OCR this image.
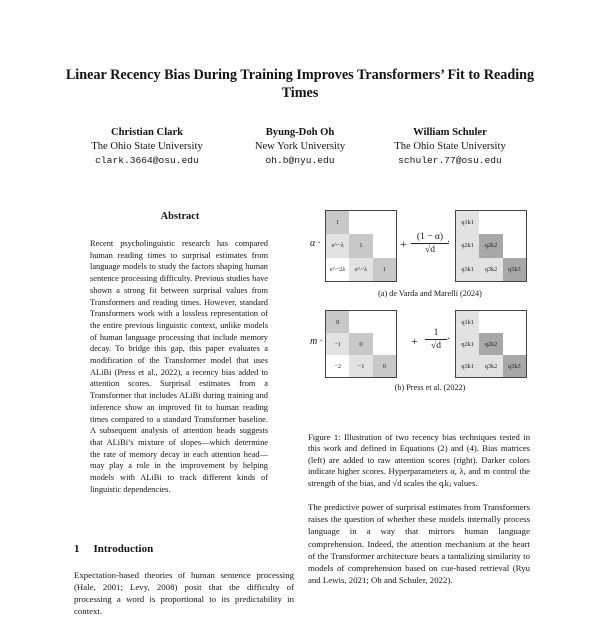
Linear Recency Bias During Training Improves Transformers’ Fit to Reading Times
Christian Clark
The Ohio State University
clark.3664@osu.edu
Byung-Doh Oh
New York University
oh.b@nyu.edu
William Schuler
The Ohio State University
schuler.77@osu.edu
Abstract
Recent psycholinguistic research has compared human reading times to surprisal estimates from language models to study the factors shaping human sentence processing difficulty. Previous studies have shown a strong fit between surprisal values from Transformers and reading times. However, standard Transformers work with a lossless representation of the entire previous linguistic context, unlike models of human language processing that include memory decay. To bridge this gap, this paper evaluates a modification of the Transformer model that uses ALiBi (Press et al., 2022), a recency bias added to attention scores. Surprisal estimates from a Transformer that includes ALiBi during training and inference show an improved fit to human reading times compared to a standard Transformer baseline. A subsequent analysis of attention heads suggests that ALiBi’s mixture of slopes—which determine the rate of memory decay in each attention head—may play a role in the improvement by helping models with ALiBi to track different kinds of linguistic dependencies.
1 Introduction
Expectation-based theories of human sentence processing (Hale, 2001; Levy, 2008) posit that the difficulty of processing a word is proportional to its predictability in context.
α ·
1
e^−λ	1
e^−2λ	e^−λ	1
+ (1 − α)
√d
·
q1k1
q2k1	q2k2
q3k1	q3k2	q3k3
(a) de Varda and Marelli (2024)
m ·
0
−1	0
−2	−1	0
+
1
√d
·
q1k1
q2k1	q2k2
q3k1	q3k2	q3k3
(b) Press et al. (2022)
Figure 1: Illustration of two recency bias techniques tested in this work and defined in Equations (2) and (4). Bias matrices (left) are added to raw attention scores (right). Darker colors indicate higher scores. Hyperparameters α, λ, and m control the strength of the bias, and √d scales the qᵢkⱼ values.
The predictive power of surprisal estimates from Transformers raises the question of whether these models internally process language in a way that mirrors human language comprehension. Indeed, the attention mechanism at the heart of the Transformer architecture bears a tantalizing similarity to models of comprehension based on cue-based retrieval (Ryu and Lewis, 2021; Oh and Schuler, 2022).
